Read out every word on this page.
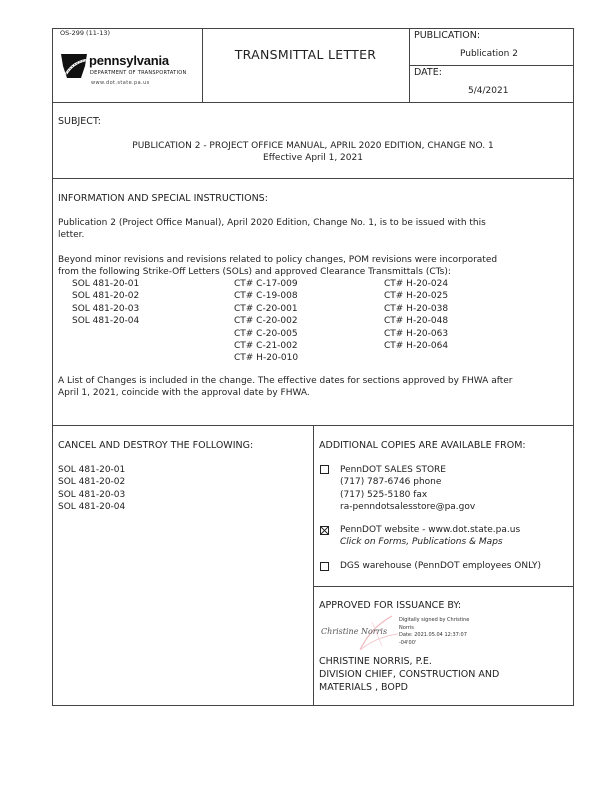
OS-299 (11-13)
pennsylvania
DEPARTMENT OF TRANSPORTATION
www.dot.state.pa.us
TRANSMITTAL LETTER
PUBLICATION:
Publication 2
DATE:
5/4/2021
SUBJECT:
PUBLICATION 2 - PROJECT OFFICE MANUAL, APRIL 2020 EDITION, CHANGE NO. 1
Effective April 1, 2021
INFORMATION AND SPECIAL INSTRUCTIONS:
Publication 2 (Project Office Manual), April 2020 Edition, Change No. 1, is to be issued with this
letter.
Beyond minor revisions and revisions related to policy changes, POM revisions were incorporated
from the following Strike-Off Letters (SOLs) and approved Clearance Transmittals (CTs):
SOL 481-20-01
SOL 481-20-02
SOL 481-20-03
SOL 481-20-04
CT# C-17-009
CT# C-19-008
CT# C-20-001
CT# C-20-002
CT# C-20-005
CT# C-21-002
CT# H-20-010
CT# H-20-024
CT# H-20-025
CT# H-20-038
CT# H-20-048
CT# H-20-063
CT# H-20-064
A List of Changes is included in the change. The effective dates for sections approved by FHWA after
April 1, 2021, coincide with the approval date by FHWA.
CANCEL AND DESTROY THE FOLLOWING:
SOL 481-20-01
SOL 481-20-02
SOL 481-20-03
SOL 481-20-04
ADDITIONAL COPIES ARE AVAILABLE FROM:
PennDOT SALES STORE
(717) 787-6746 phone
(717) 525-5180 fax
ra-penndotsalesstore@pa.gov
PennDOT website - www.dot.state.pa.us
Click on Forms, Publications & Maps
DGS warehouse (PennDOT employees ONLY)
APPROVED FOR ISSUANCE BY:
Christine Norris
Digitally signed by Christine
Norris
Date: 2021.05.04 12:37:07
-04'00'
CHRISTINE NORRIS, P.E.
DIVISION CHIEF, CONSTRUCTION AND
MATERIALS , BOPD
